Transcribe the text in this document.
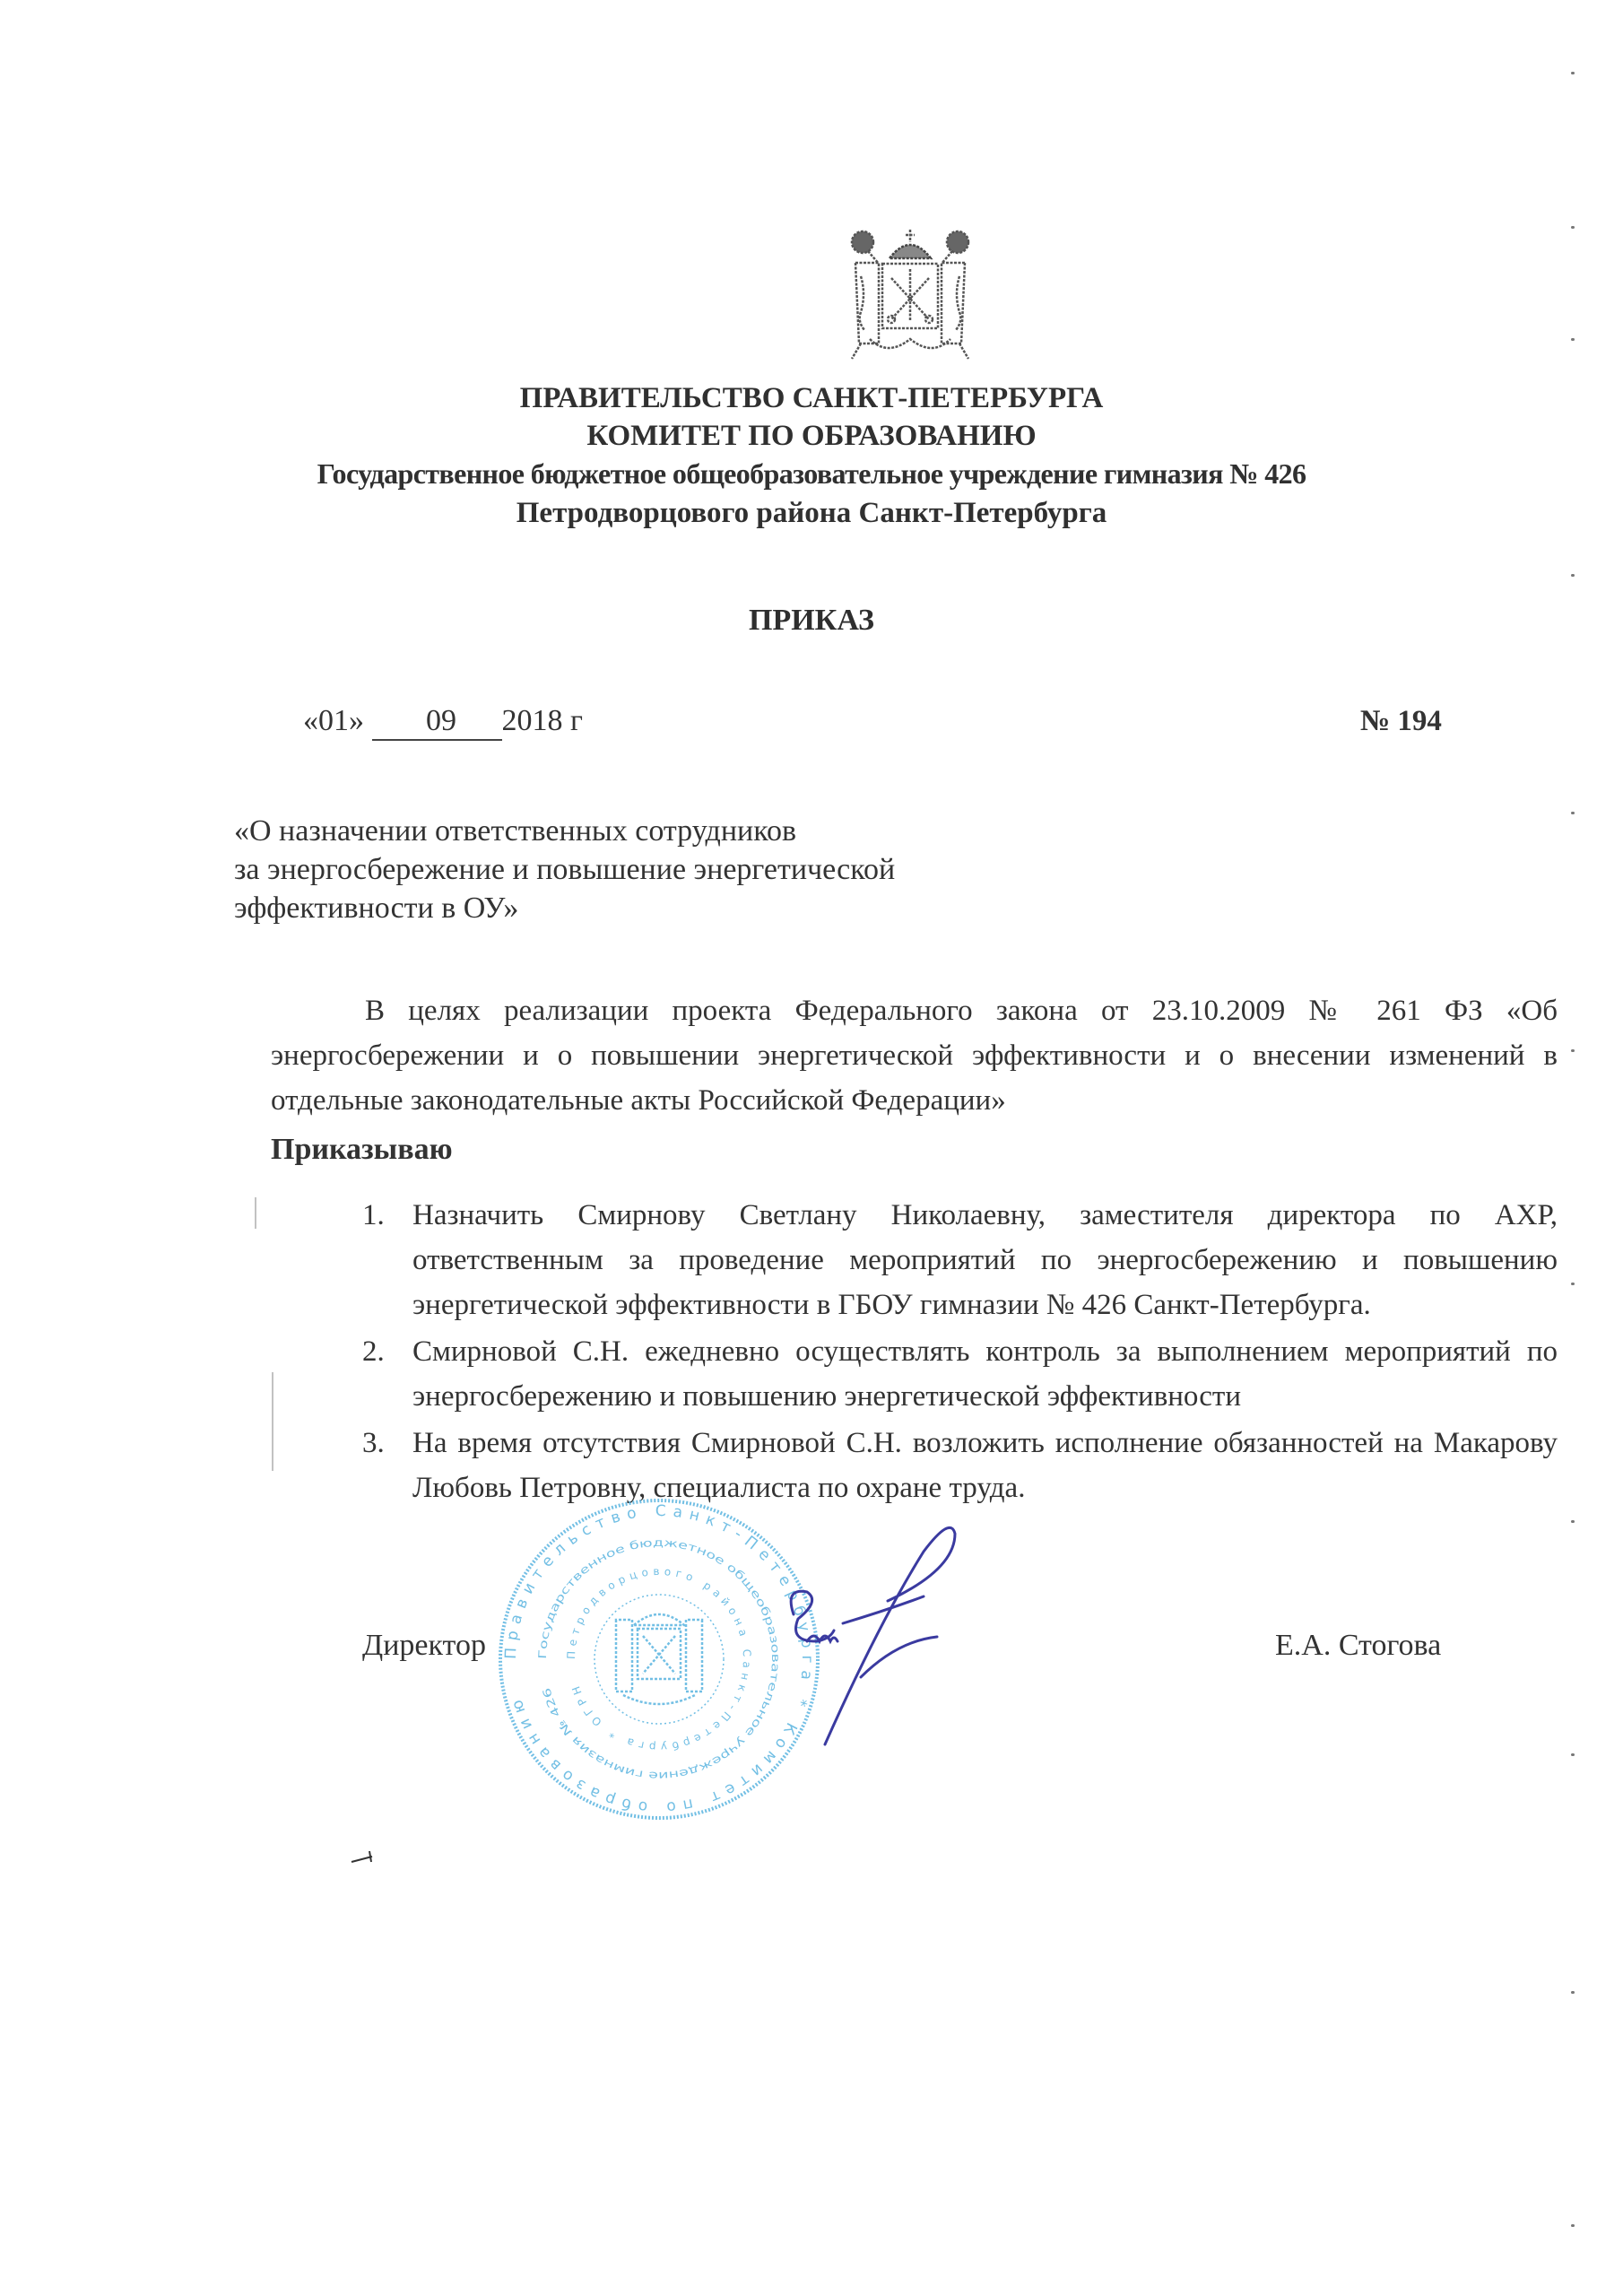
ПРАВИТЕЛЬСТВО САНКТ-ПЕТЕРБУРГА
КОМИТЕТ ПО ОБРАЗОВАНИЮ
Государственное бюджетное общеобразовательное учреждение гимназия № 426
Петродворцового района Санкт-Петербурга
ПРИКАЗ
«01» 09 2018 г	№ 194
«О назначении ответственных сотрудников
за энергосбережение и повышение энергетической
эффективности в ОУ»
В целях реализации проекта Федерального закона от 23.10.2009 № 261 ФЗ «Об энергосбережении и о повышении энергетической эффективности и о внесении изменений в отдельные законодательные акты Российской Федерации»
Приказываю
1. Назначить Смирнову Светлану Николаевну, заместителя директора по АХР, ответственным за проведение мероприятий по энергосбережению и повышению энергетической эффективности в ГБОУ гимназии № 426 Санкт-Петербурга.
2. Смирновой С.Н. ежедневно осуществлять контроль за выполнением мероприятий по энергосбережению и повышению энергетической эффективности
3. На время отсутствия Смирновой С.Н. возложить исполнение обязанностей на Макарову Любовь Петровну, специалиста по охране труда.
Правительство Санкт-Петербурга * Комитет по образованию
Государственное бюджетное общеобразовательное учреждение гимназия № 426
Петродворцового района Санкт-Петербурга * ОГРН
Директор	Е.А. Стогова
